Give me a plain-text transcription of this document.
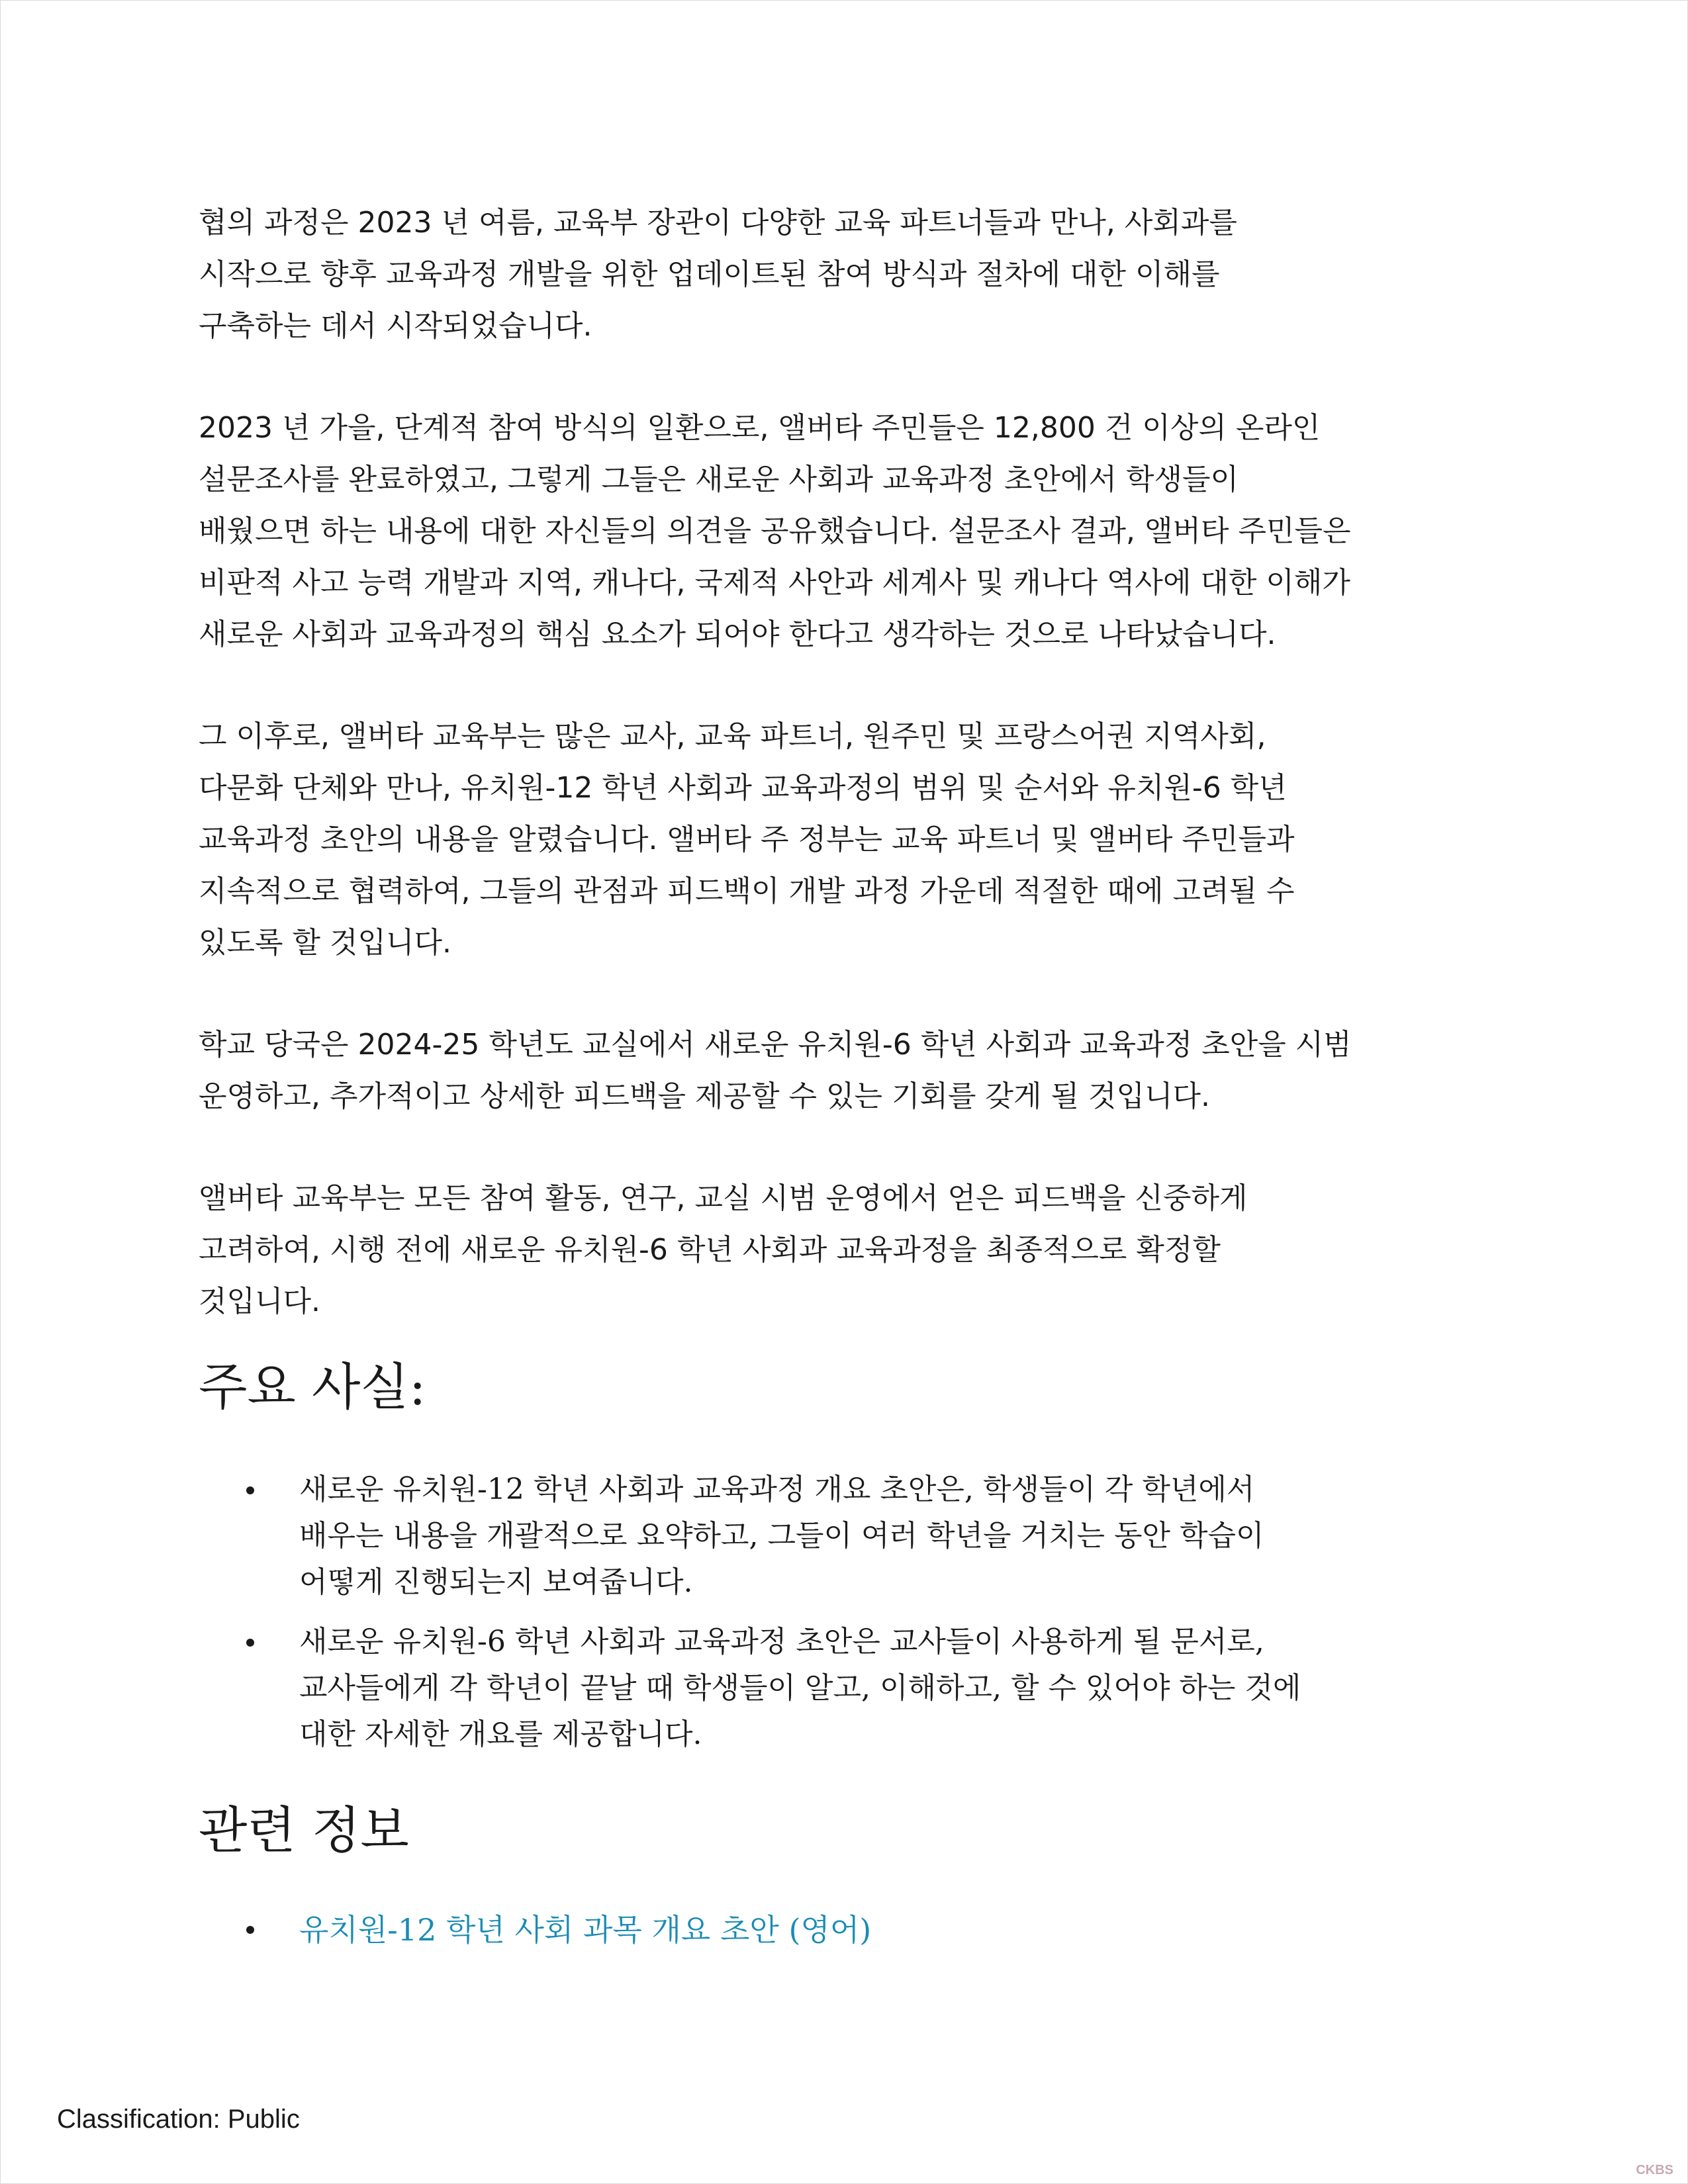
협의 과정은 2023 년 여름, 교육부 장관이 다양한 교육 파트너들과 만나, 사회과를
시작으로 향후 교육과정 개발을 위한 업데이트된 참여 방식과 절차에 대한 이해를
구축하는 데서 시작되었습니다.
2023 년 가을, 단계적 참여 방식의 일환으로, 앨버타 주민들은 12,800 건 이상의 온라인
설문조사를 완료하였고, 그렇게 그들은 새로운 사회과 교육과정 초안에서 학생들이
배웠으면 하는 내용에 대한 자신들의 의견을 공유했습니다. 설문조사 결과, 앨버타 주민들은
비판적 사고 능력 개발과 지역, 캐나다, 국제적 사안과 세계사 및 캐나다 역사에 대한 이해가
새로운 사회과 교육과정의 핵심 요소가 되어야 한다고 생각하는 것으로 나타났습니다.
그 이후로, 앨버타 교육부는 많은 교사, 교육 파트너, 원주민 및 프랑스어권 지역사회,
다문화 단체와 만나, 유치원-12 학년 사회과 교육과정의 범위 및 순서와 유치원-6 학년
교육과정 초안의 내용을 알렸습니다. 앨버타 주 정부는 교육 파트너 및 앨버타 주민들과
지속적으로 협력하여, 그들의 관점과 피드백이 개발 과정 가운데 적절한 때에 고려될 수
있도록 할 것입니다.
학교 당국은 2024-25 학년도 교실에서 새로운 유치원-6 학년 사회과 교육과정 초안을 시범
운영하고, 추가적이고 상세한 피드백을 제공할 수 있는 기회를 갖게 될 것입니다.
앨버타 교육부는 모든 참여 활동, 연구, 교실 시범 운영에서 얻은 피드백을 신중하게
고려하여, 시행 전에 새로운 유치원-6 학년 사회과 교육과정을 최종적으로 확정할
것입니다.
주요 사실:
새로운 유치원-12 학년 사회과 교육과정 개요 초안은, 학생들이 각 학년에서
배우는 내용을 개괄적으로 요약하고, 그들이 여러 학년을 거치는 동안 학습이
어떻게 진행되는지 보여줍니다.
새로운 유치원-6 학년 사회과 교육과정 초안은 교사들이 사용하게 될 문서로,
교사들에게 각 학년이 끝날 때 학생들이 알고, 이해하고, 할 수 있어야 하는 것에
대한 자세한 개요를 제공합니다.
관련 정보
유치원-12 학년 사회 과목 개요 초안 (영어)
Classification: Public
CKBS
